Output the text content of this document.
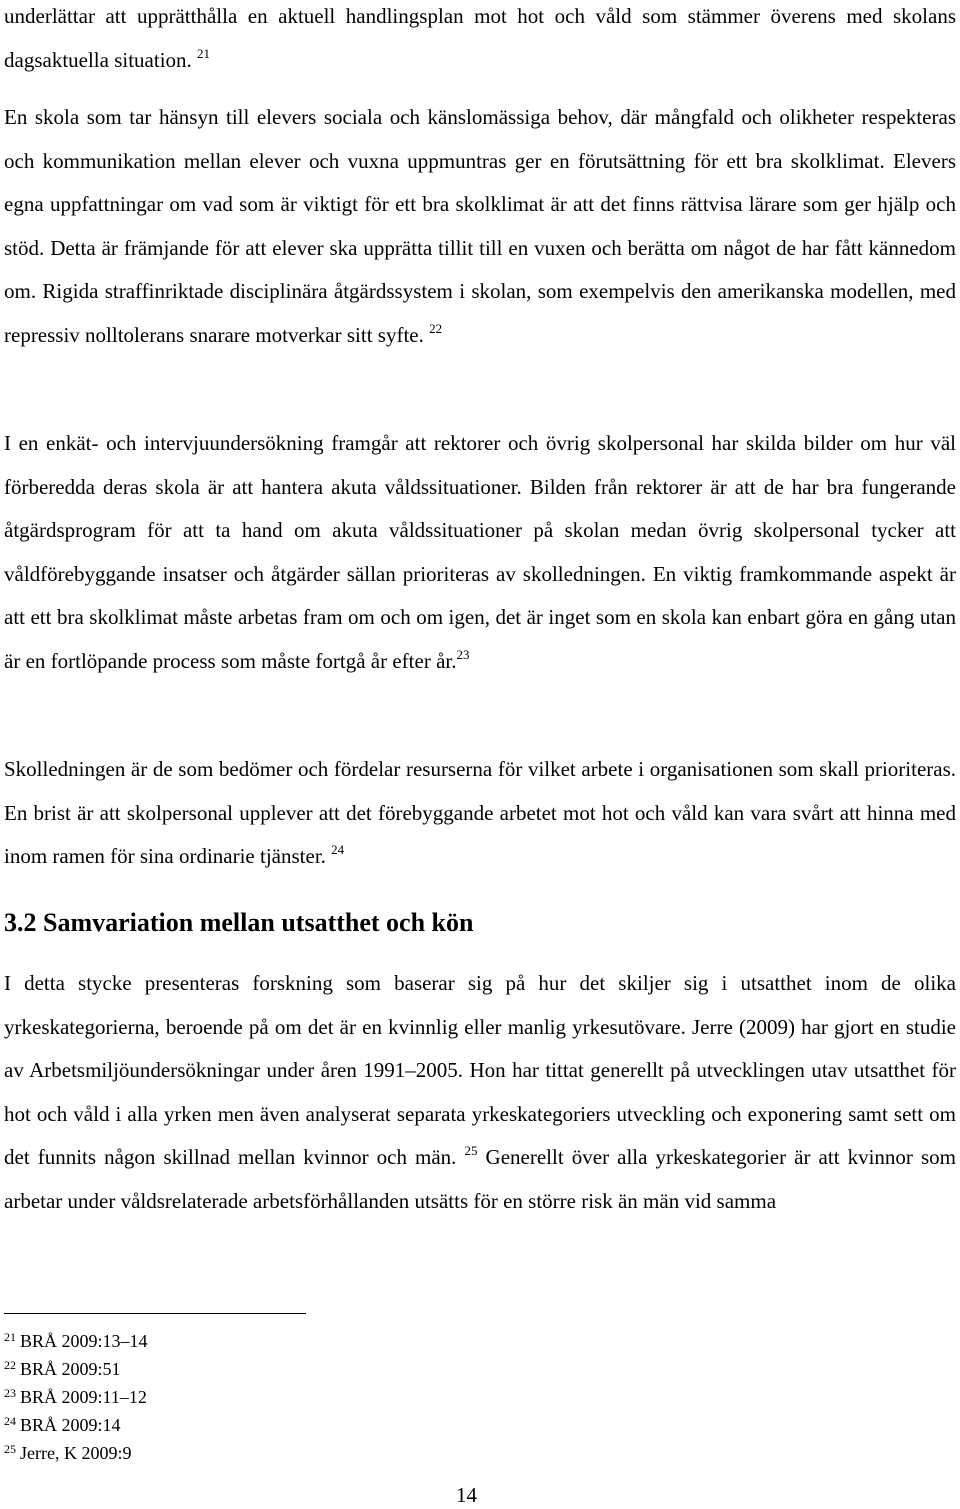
underlättar att upprätthålla en aktuell handlingsplan mot hot och våld som stämmer överens med skolans dagsaktuella situation. $^{21}$

En skola som tar hänsyn till elevers sociala och känslomässiga behov, där mångfald och olikheter respekteras och kommunikation mellan elever och vuxna uppmuntras ger en förutsättning för ett bra skolklimat. Elevers egna uppfattningar om vad som är viktigt för ett bra skolklimat är att det finns rättvisa lärare som ger hjälp och stöd. Detta är främjande för att elever ska upprätta tillit till en vuxen och berätta om något de har fått kännedom om. Rigida straffinriktade disciplinära åtgärdssystem i skolan, som exempelvis den amerikanska modellen, med repressiv nolltolerans snarare motverkar sitt syfte. $^{22}$

I en enkät- och intervjuundersökning framgår att rektorer och övrig skolpersonal har skilda bilder om hur väl förberedda deras skola är att hantera akuta våldssituationer. Bilden från rektorer är att de har bra fungerande åtgärdsprogram för att ta hand om akuta våldssituationer på skolan medan övrig skolpersonal tycker att våldförebyggande insatser och åtgärder sällan prioriteras av skolledningen. En viktig framkommande aspekt är att ett bra skolklimat måste arbetas fram om och om igen, det är inget som en skola kan enbart göra en gång utan är en fortlöpande process som måste fortgå år efter år.$^{23}$

Skolledningen är de som bedömer och fördelar resurserna för vilket arbete i organisationen som skall prioriteras. En brist är att skolpersonal upplever att det förebyggande arbetet mot hot och våld kan vara svårt att hinna med inom ramen för sina ordinarie tjänster. $^{24}$

3.2 Samvariation mellan utsatthet och kön

I detta stycke presenteras forskning som baserar sig på hur det skiljer sig i utsatthet inom de olika yrkeskategorierna, beroende på om det är en kvinnlig eller manlig yrkesutövare. Jerre (2009) har gjort en studie av Arbetsmiljöundersökningar under åren 1991–2005. Hon har tittat generellt på utvecklingen utav utsatthet för hot och våld i alla yrken men även analyserat separata yrkeskategoriers utveckling och exponering samt sett om det funnits någon skillnad mellan kvinnor och män. $^{25}$ Generellt över alla yrkeskategorier är att kvinnor som arbetar under våldsrelaterade arbetsförhållanden utsätts för en större risk än män vid samma

$^{21}$ BRÅ 2009:13–14
$^{22}$ BRÅ 2009:51
$^{23}$ BRÅ 2009:11–12
$^{24}$ BRÅ 2009:14
$^{25}$ Jerre, K 2009:9

14
